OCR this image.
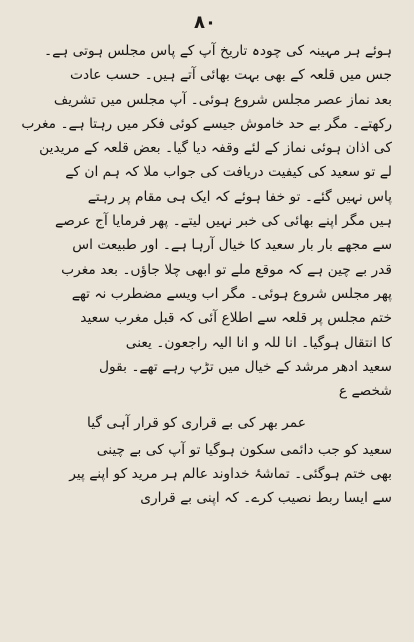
۸۰
ہوئے ہر مہینہ کی چودہ تاریخ آپ کے پاس مجلس ہوتی ہے۔
جس میں قلعہ کے بھی بہت بھائی آتے ہیں۔ حسب عادت
بعد نماز عصر مجلس شروع ہوئی۔ آپ مجلس میں تشریف
رکھتے۔ مگر بے حد خاموش جیسے کوئی فکر میں رہتا ہے۔ مغرب
کی اذان ہوئی نماز کے لئے وقفہ دیا گیا۔ بعض قلعہ کے مریدین
لے تو سعید کی کیفیت دریافت کی جواب ملا کہ ہم ان کے
پاس نہیں گئے۔ تو خفا ہوئے کہ ایک ہی مقام پر رہتے
ہیں مگر اپنے بھائی کی خبر نہیں لیتے۔ پھر فرمایا آج عرصے
سے مجھے بار بار سعید کا خیال آرہا ہے۔ اور طبیعت اس
قدر بے چین ہے کہ موقع ملے تو ابھی چلا جاؤں۔ بعد مغرب
پھر مجلس شروع ہوئی۔ مگر اب ویسے مضطرب نہ تھے
ختم مجلس پر قلعہ سے اطلاع آئی کہ قبل مغرب سعید
کا انتقال ہوگیا۔ انا للہ و انا الیہ راجعون۔ یعنی
سعید ادھر مرشد کے خیال میں تڑپ رہے تھے۔ بقول
شخصے ع
عمر بھر کی بے قراری کو قرار آہی گیا
سعید کو جب دائمی سکون ہوگیا تو آپ کی بے چینی
بھی ختم ہوگئی۔ تماشۂ خداوند عالم ہر مرید کو اپنے پیر
سے ایسا ربط نصیب کرے۔ کہ اپنی بے قراری
